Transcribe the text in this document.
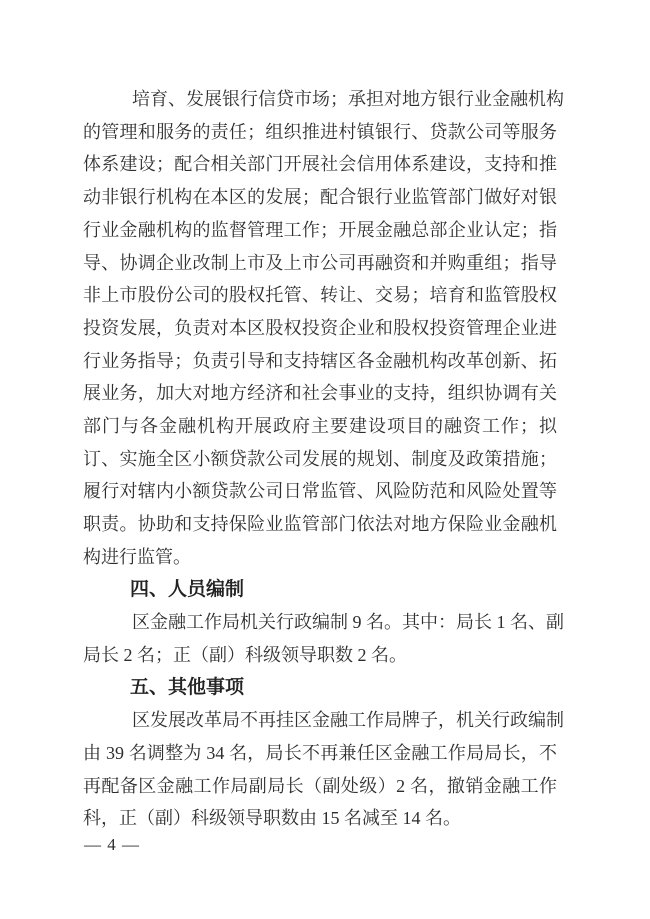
培育、发展银行信贷市场；承担对地方银行业金融机构
的管理和服务的责任；组织推进村镇银行、贷款公司等服务
体系建设；配合相关部门开展社会信用体系建设，支持和推
动非银行机构在本区的发展；配合银行业监管部门做好对银
行业金融机构的监督管理工作；开展金融总部企业认定；指
导、协调企业改制上市及上市公司再融资和并购重组；指导
非上市股份公司的股权托管、转让、交易；培育和监管股权
投资发展，负责对本区股权投资企业和股权投资管理企业进
行业务指导；负责引导和支持辖区各金融机构改革创新、拓
展业务，加大对地方经济和社会事业的支持，组织协调有关
部门与各金融机构开展政府主要建设项目的融资工作；拟
订、实施全区小额贷款公司发展的规划、制度及政策措施；
履行对辖内小额贷款公司日常监管、风险防范和风险处置等
职责。协助和支持保险业监管部门依法对地方保险业金融机
构进行监管。
四、人员编制
区金融工作局机关行政编制 9 名。其中：局长 1 名、副
局长 2 名；正（副）科级领导职数 2 名。
五、其他事项
区发展改革局不再挂区金融工作局牌子，机关行政编制
由 39 名调整为 34 名，局长不再兼任区金融工作局局长，不
再配备区金融工作局副局长（副处级）2 名，撤销金融工作
科，正（副）科级领导职数由 15 名减至 14 名。
— 4 —
